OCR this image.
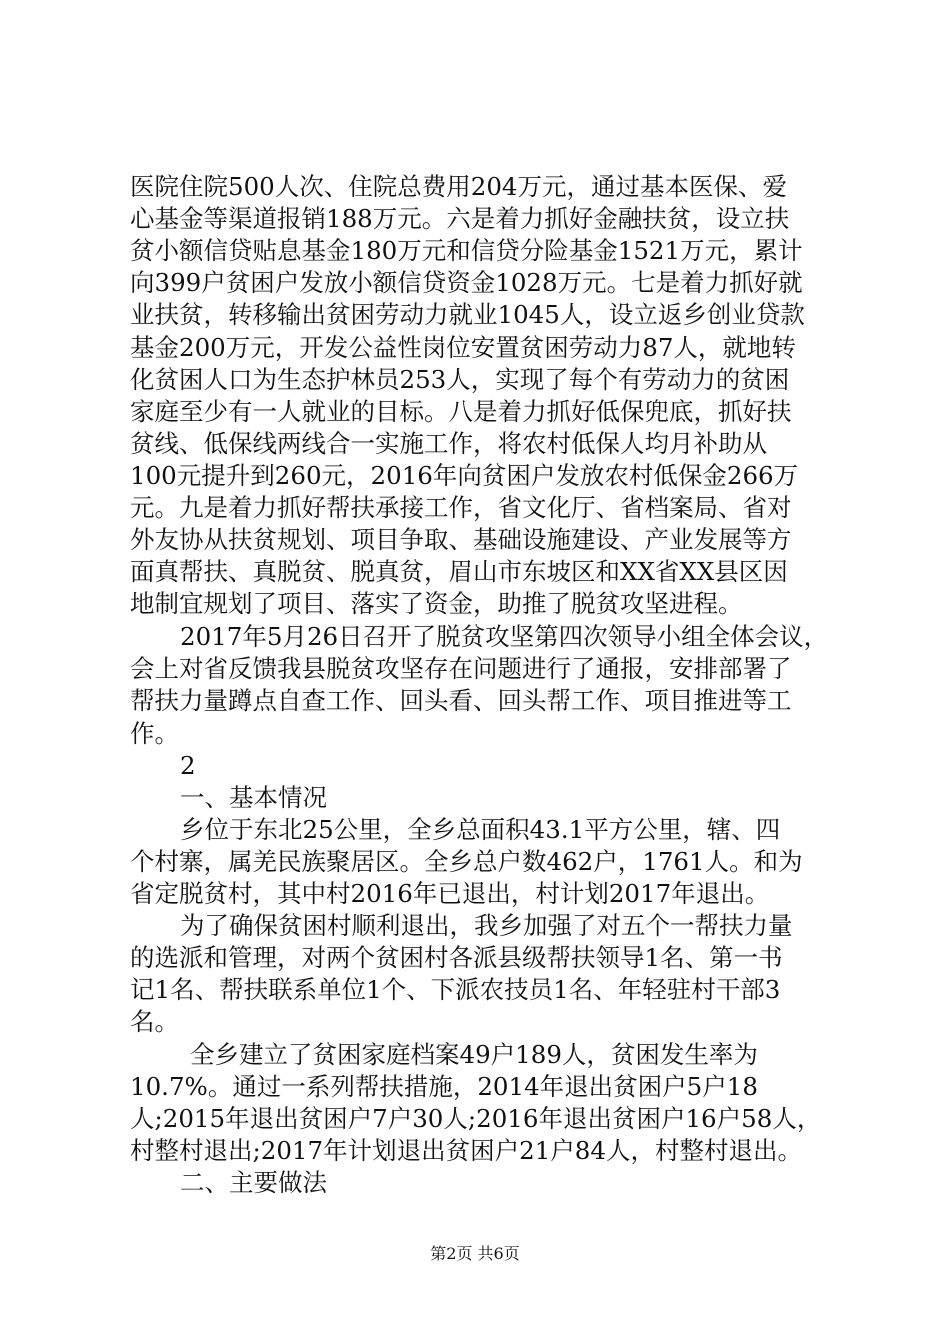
医院住院500人次、住院总费用204万元，通过基本医保、爱

心基金等渠道报销188万元。六是着力抓好金融扶贫，设立扶

贫小额信贷贴息基金180万元和信贷分险基金1521万元，累计

向399户贫困户发放小额信贷资金1028万元。七是着力抓好就

业扶贫，转移输出贫困劳动力就业1045人，设立返乡创业贷款

基金200万元，开发公益性岗位安置贫困劳动力87人，就地转

化贫困人口为生态护林员253人，实现了每个有劳动力的贫困

家庭至少有一人就业的目标。八是着力抓好低保兜底，抓好扶

贫线、低保线两线合一实施工作，将农村低保人均月补助从

100元提升到260元，2016年向贫困户发放农村低保金266万

元。九是着力抓好帮扶承接工作，省文化厅、省档案局、省对

外友协从扶贫规划、项目争取、基础设施建设、产业发展等方

面真帮扶、真脱贫、脱真贫，眉山市东坡区和XX省XX县区因

地制宜规划了项目、落实了资金，助推了脱贫攻坚进程。

2017年5月26日召开了脱贫攻坚第四次领导小组全体会议，

会上对省反馈我县脱贫攻坚存在问题进行了通报，安排部署了

帮扶力量蹲点自查工作、回头看、回头帮工作、项目推进等工

作。

2

一、基本情况

乡位于东北25公里，全乡总面积43.1平方公里，辖、四

个村寨，属羌民族聚居区。全乡总户数462户，1761人。和为

省定脱贫村，其中村2016年已退出，村计划2017年退出。

为了确保贫困村顺利退出，我乡加强了对五个一帮扶力量

的选派和管理，对两个贫困村各派县级帮扶领导1名、第一书

记1名、帮扶联系单位1个、下派农技员1名、年轻驻村干部3

名。

全乡建立了贫困家庭档案49户189人，贫困发生率为

10.7%。通过一系列帮扶措施，2014年退出贫困户5户18

人;2015年退出贫困户7户30人;2016年退出贫困户16户58人，

村整村退出;2017年计划退出贫困户21户84人，村整村退出。

二、主要做法

第2页 共6页
